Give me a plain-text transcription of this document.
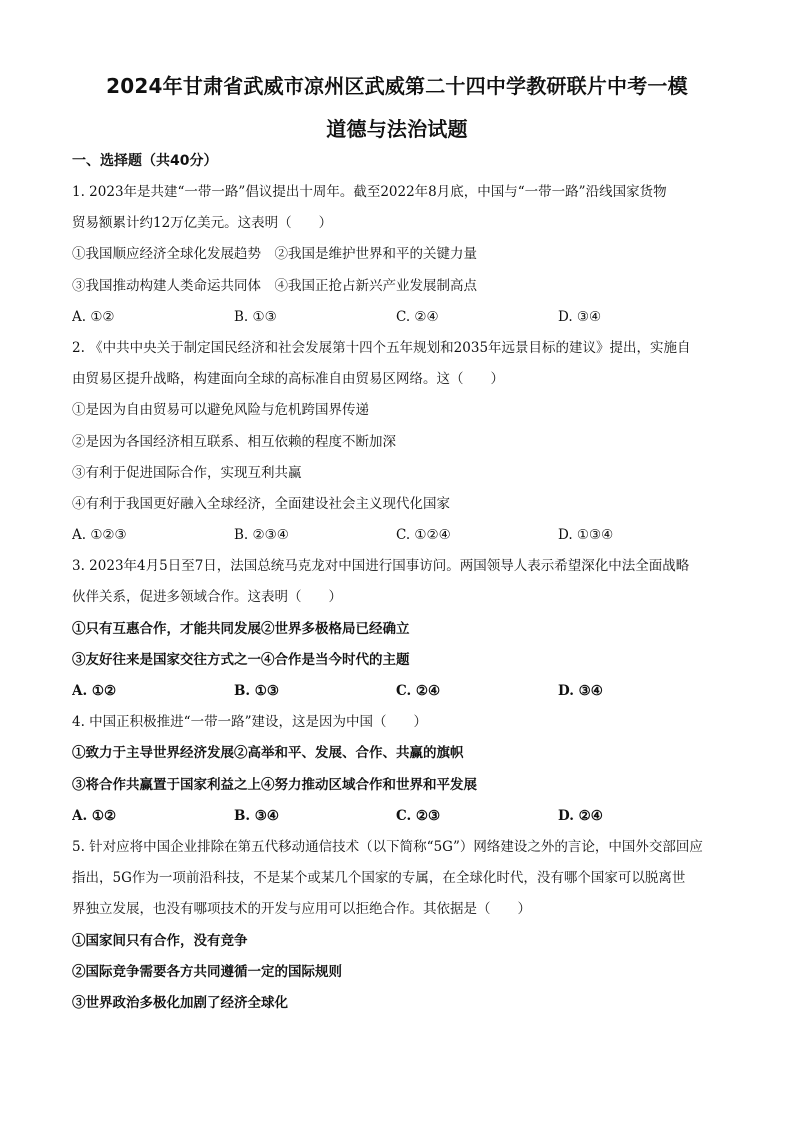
2024年甘肃省武威市凉州区武威第二十四中学教研联片中考一模
道德与法治试题
一、选择题（共40分）
1. 2023年是共建“一带一路”倡议提出十周年。截至2022年8月底，中国与“一带一路”沿线国家货物
贸易额累计约12万亿美元。这表明（　　）
①我国顺应经济全球化发展趋势　②我国是维护世界和平的关键力量
③我国推动构建人类命运共同体　④我国正抢占新兴产业发展制高点
A. ①②	B. ①③	C. ②④	D. ③④
2. 《中共中央关于制定国民经济和社会发展第十四个五年规划和2035年远景目标的建议》提出，实施自
由贸易区提升战略，构建面向全球的高标准自由贸易区网络。这（　　）
①是因为自由贸易可以避免风险与危机跨国界传递
②是因为各国经济相互联系、相互依赖的程度不断加深
③有利于促进国际合作，实现互利共赢
④有利于我国更好融入全球经济，全面建设社会主义现代化国家
A. ①②③	B. ②③④	C. ①②④	D. ①③④
3. 2023年4月5日至7日，法国总统马克龙对中国进行国事访问。两国领导人表示希望深化中法全面战略
伙伴关系，促进多领域合作。这表明（　　）
①只有互惠合作，才能共同发展②世界多极格局已经确立
③友好往来是国家交往方式之一④合作是当今时代的主题
A. ①②	B. ①③	C. ②④	D. ③④
4. 中国正积极推进“一带一路”建设，这是因为中国（　　）
①致力于主导世界经济发展②高举和平、发展、合作、共赢的旗帜
③将合作共赢置于国家利益之上④努力推动区域合作和世界和平发展
A. ①②	B. ③④	C. ②③	D. ②④
5. 针对应将中国企业排除在第五代移动通信技术（以下简称“5G”）网络建设之外的言论，中国外交部回应
指出，5G作为一项前沿科技，不是某个或某几个国家的专属，在全球化时代，没有哪个国家可以脱离世
界独立发展，也没有哪项技术的开发与应用可以拒绝合作。其依据是（　　）
①国家间只有合作，没有竞争
②国际竞争需要各方共同遵循一定的国际规则
③世界政治多极化加剧了经济全球化
